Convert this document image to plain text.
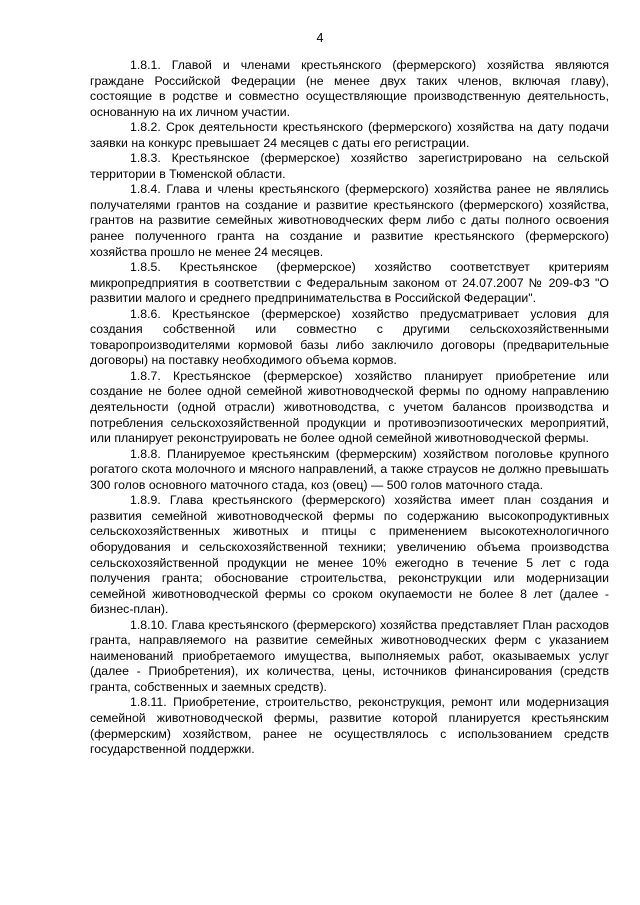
4

1.8.1. Главой и членами крестьянского (фермерского) хозяйства являются граждане Российской Федерации (не менее двух таких членов, включая главу), состоящие в родстве и совместно осуществляющие производственную деятельность, основанную на их личном участии.

1.8.2. Срок деятельности крестьянского (фермерского) хозяйства на дату подачи заявки на конкурс превышает 24 месяцев с даты его регистрации.

1.8.3. Крестьянское (фермерское) хозяйство зарегистрировано на сельской территории в Тюменской области.

1.8.4. Глава и члены крестьянского (фермерского) хозяйства ранее не являлись получателями грантов на создание и развитие крестьянского (фермерского) хозяйства, грантов на развитие семейных животноводческих ферм либо с даты полного освоения ранее полученного гранта на создание и развитие крестьянского (фермерского) хозяйства прошло не менее 24 месяцев.

1.8.5. Крестьянское (фермерское) хозяйство соответствует критериям микропредприятия в соответствии с Федеральным законом от 24.07.2007 № 209-ФЗ "О развитии малого и среднего предпринимательства в Российской Федерации".

1.8.6. Крестьянское (фермерское) хозяйство предусматривает условия для создания собственной или совместно с другими сельскохозяйственными товаропроизводителями кормовой базы либо заключило договоры (предварительные договоры) на поставку необходимого объема кормов.

1.8.7. Крестьянское (фермерское) хозяйство планирует приобретение или создание не более одной семейной животноводческой фермы по одному направлению деятельности (одной отрасли) животноводства, с учетом балансов производства и потребления сельскохозяйственной продукции и противоэпизоотических мероприятий, или планирует реконструировать не более одной семейной животноводческой фермы.

1.8.8. Планируемое крестьянским (фермерским) хозяйством поголовье крупного рогатого скота молочного и мясного направлений, а также страусов не должно превышать 300 голов основного маточного стада, коз (овец) — 500 голов маточного стада.

1.8.9. Глава крестьянского (фермерского) хозяйства имеет план создания и развития семейной животноводческой фермы по содержанию высокопродуктивных сельскохозяйственных животных и птицы с применением высокотехнологичного оборудования и сельскохозяйственной техники; увеличению объема производства сельскохозяйственной продукции не менее 10% ежегодно в течение 5 лет с года получения гранта; обоснование строительства, реконструкции или модернизации семейной животноводческой фермы со сроком окупаемости не более 8 лет (далее - бизнес-план).

1.8.10. Глава крестьянского (фермерского) хозяйства представляет План расходов гранта, направляемого на развитие семейных животноводческих ферм с указанием наименований приобретаемого имущества, выполняемых работ, оказываемых услуг (далее - Приобретения), их количества, цены, источников финансирования (средств гранта, собственных и заемных средств).

1.8.11. Приобретение, строительство, реконструкция, ремонт или модернизация семейной животноводческой фермы, развитие которой планируется крестьянским (фермерским) хозяйством, ранее не осуществлялось с использованием средств государственной поддержки.
